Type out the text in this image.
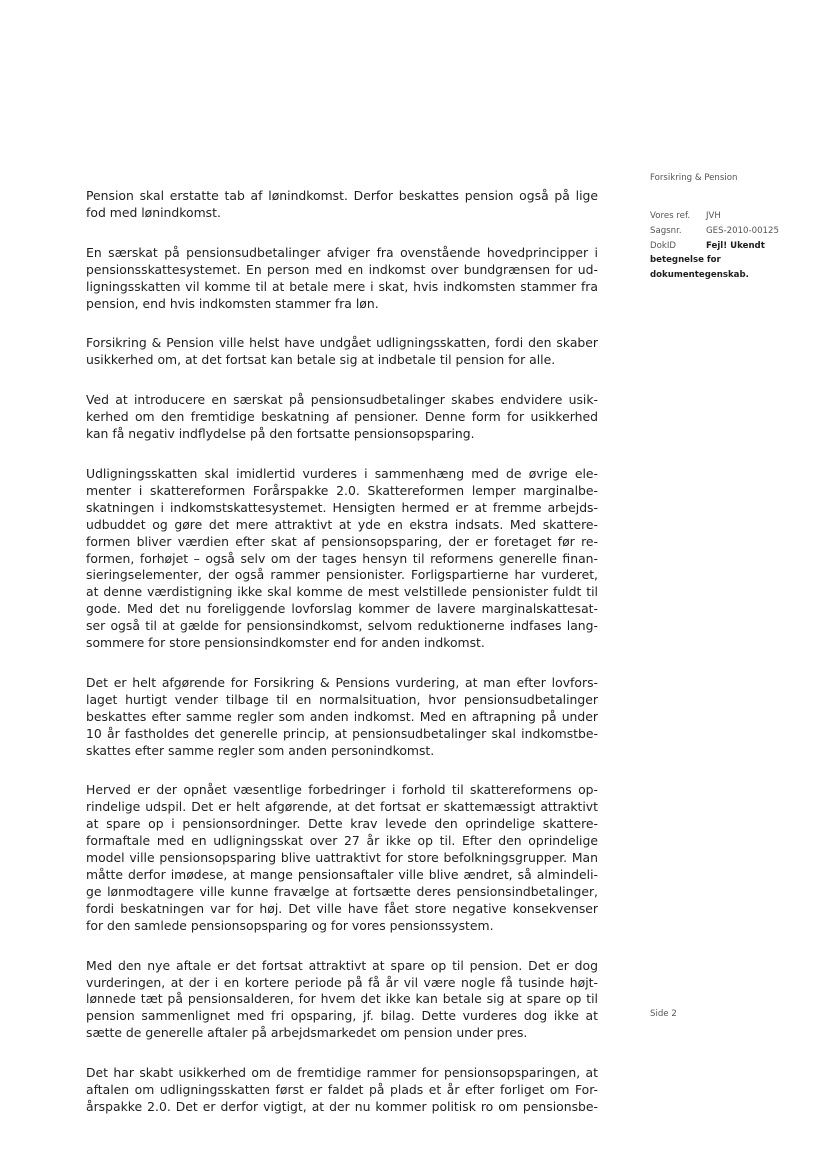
Forsikring & Pension
Vores ref.	JVH
Sagsnr.	GES-2010-00125
DokID	Fejl! Ukendt
betegnelse for
dokumentegenskab.

Pension skal erstatte tab af lønindkomst. Derfor beskattes pension også på lige
fod med lønindkomst.

En særskat på pensionsudbetalinger afviger fra ovenstående hovedprincipper i
pensionsskattesystemet. En person med en indkomst over bundgrænsen for ud-
ligningsskatten vil komme til at betale mere i skat, hvis indkomsten stammer fra
pension, end hvis indkomsten stammer fra løn.

Forsikring & Pension ville helst have undgået udligningsskatten, fordi den skaber
usikkerhed om, at det fortsat kan betale sig at indbetale til pension for alle.

Ved at introducere en særskat på pensionsudbetalinger skabes endvidere usik-
kerhed om den fremtidige beskatning af pensioner. Denne form for usikkerhed
kan få negativ indflydelse på den fortsatte pensionsopsparing.

Udligningsskatten skal imidlertid vurderes i sammenhæng med de øvrige ele-
menter i skattereformen Forårspakke 2.0. Skattereformen lemper marginalbe-
skatningen i indkomstskattesystemet. Hensigten hermed er at fremme arbejds-
udbuddet og gøre det mere attraktivt at yde en ekstra indsats. Med skattere-
formen bliver værdien efter skat af pensionsopsparing, der er foretaget før re-
formen, forhøjet – også selv om der tages hensyn til reformens generelle finan-
sieringselementer, der også rammer pensionister. Forligspartierne har vurderet,
at denne værdistigning ikke skal komme de mest velstillede pensionister fuldt til
gode. Med det nu foreliggende lovforslag kommer de lavere marginalskattesat-
ser også til at gælde for pensionsindkomst, selvom reduktionerne indfases lang-
sommere for store pensionsindkomster end for anden indkomst.

Det er helt afgørende for Forsikring & Pensions vurdering, at man efter lovfors-
laget hurtigt vender tilbage til en normalsituation, hvor pensionsudbetalinger
beskattes efter samme regler som anden indkomst. Med en aftrapning på under
10 år fastholdes det generelle princip, at pensionsudbetalinger skal indkomstbe-
skattes efter samme regler som anden personindkomst.

Herved er der opnået væsentlige forbedringer i forhold til skattereformens op-
rindelige udspil. Det er helt afgørende, at det fortsat er skattemæssigt attraktivt
at spare op i pensionsordninger. Dette krav levede den oprindelige skattere-
formaftale med en udligningsskat over 27 år ikke op til. Efter den oprindelige
model ville pensionsopsparing blive uattraktivt for store befolkningsgrupper. Man
måtte derfor imødese, at mange pensionsaftaler ville blive ændret, så almindeli-
ge lønmodtagere ville kunne fravælge at fortsætte deres pensionsindbetalinger,
fordi beskatningen var for høj. Det ville have fået store negative konsekvenser
for den samlede pensionsopsparing og for vores pensionssystem.

Med den nye aftale er det fortsat attraktivt at spare op til pension. Det er dog
vurderingen, at der i en kortere periode på få år vil være nogle få tusinde højt-
lønnede tæt på pensionsalderen, for hvem det ikke kan betale sig at spare op til
pension sammenlignet med fri opsparing, jf. bilag. Dette vurderes dog ikke at
sætte de generelle aftaler på arbejdsmarkedet om pension under pres.

Det har skabt usikkerhed om de fremtidige rammer for pensionsopsparingen, at
aftalen om udligningsskatten først er faldet på plads et år efter forliget om For-
årspakke 2.0. Det er derfor vigtigt, at der nu kommer politisk ro om pensionsbe-

Side 2
